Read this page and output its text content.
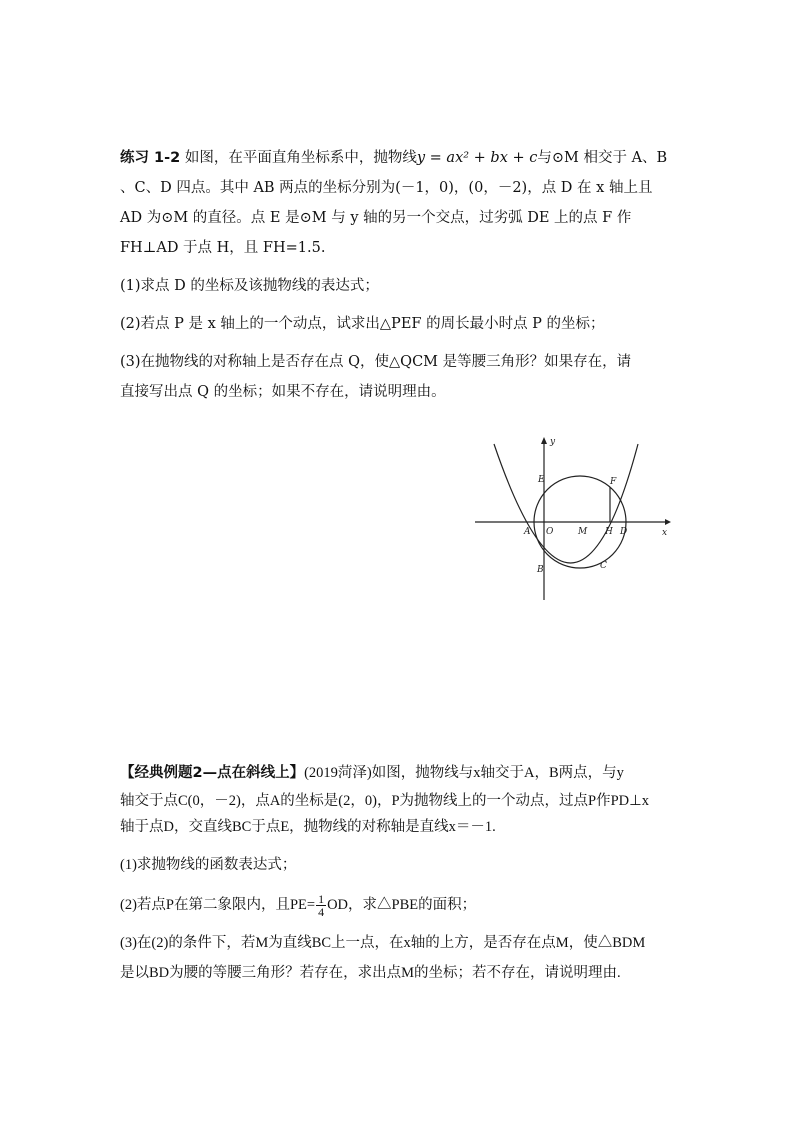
练习 1-2 如图，在平面直角坐标系中，抛物线y = ax² + bx + c与⊙M 相交于 A、B
、C、D 四点。其中 AB 两点的坐标分别为(－1，0)，(0，－2)，点 D 在 x 轴上且
AD 为⊙M 的直径。点 E 是⊙M 与 y 轴的另一个交点，过劣弧 DE 上的点 F 作
FH⊥AD 于点 H，且 FH=1.5.
(1)求点 D 的坐标及该抛物线的表达式；
(2)若点 P 是 x 轴上的一个动点，试求出△PEF 的周长最小时点 P 的坐标；
(3)在抛物线的对称轴上是否存在点 Q，使△QCM 是等腰三角形？如果存在，请
直接写出点 Q 的坐标；如果不存在，请说明理由。
y
x
E	F
A O	M H D
B	C
【经典例题2—点在斜线上】(2019菏泽)如图，抛物线与x轴交于A，B两点，与y
轴交于点C(0，－2)，点A的坐标是(2，0)，P为抛物线上的一个动点，过点P作PD⊥x
轴于点D，交直线BC于点E，抛物线的对称轴是直线x＝－1.
(1)求抛物线的函数表达式；
(2)若点P在第二象限内，且$PE= \frac{1}{4}$ OD，求△PBE的面积；
(3)在(2)的条件下，若M为直线BC上一点，在x轴的上方，是否存在点M，使△BDM
是以BD为腰的等腰三角形？若存在，求出点M的坐标；若不存在，请说明理由.
